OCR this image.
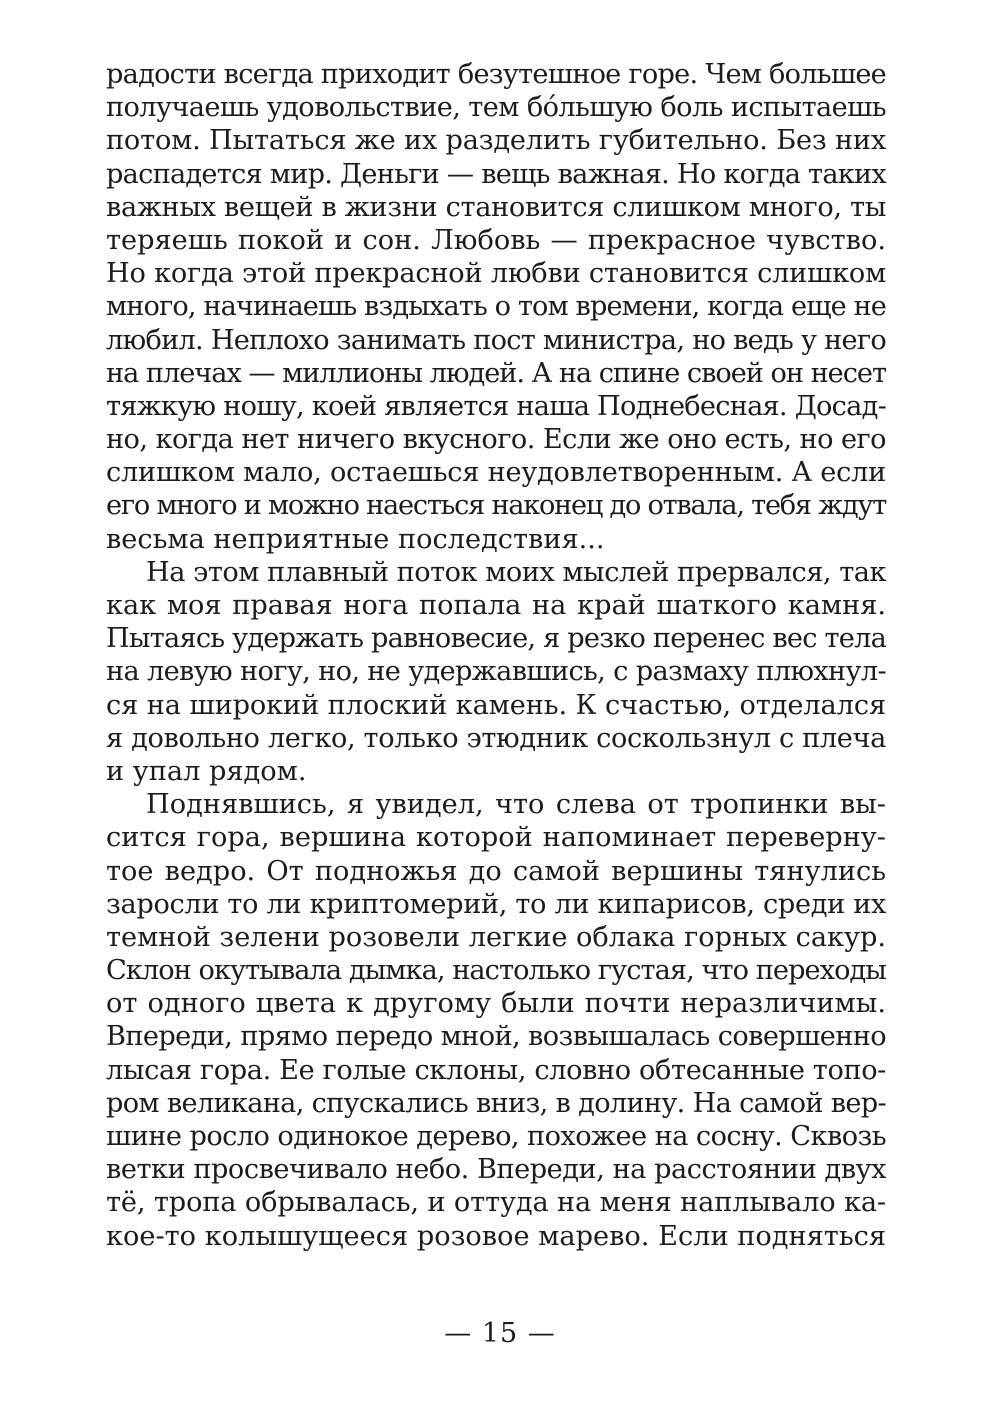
радости всегда приходит безутешное горе. Чем большее
получаешь удовольствие, тем бóльшую боль испытаешь
потом. Пытаться же их разделить губительно. Без них
распадется мир. Деньги — вещь важная. Но когда таких
важных вещей в жизни становится слишком много, ты
теряешь покой и сон. Любовь — прекрасное чувство.
Но когда этой прекрасной любви становится слишком
много, начинаешь вздыхать о том времени, когда еще не
любил. Неплохо занимать пост министра, но ведь у него
на плечах — миллионы людей. А на спине своей он несет
тяжкую ношу, коей является наша Поднебесная. Досад-
но, когда нет ничего вкусного. Если же оно есть, но его
слишком мало, остаешься неудовлетворенным. А если
его много и можно наесться наконец до отвала, тебя ждут
весьма неприятные последствия...
На этом плавный поток моих мыслей прервался, так
как моя правая нога попала на край шаткого камня.
Пытаясь удержать равновесие, я резко перенес вес тела
на левую ногу, но, не удержавшись, с размаху плюхнул-
ся на широкий плоский камень. К счастью, отделался
я довольно легко, только этюдник соскользнул с плеча
и упал рядом.
Поднявшись, я увидел, что слева от тропинки вы-
сится гора, вершина которой напоминает переверну-
тое ведро. От подножья до самой вершины тянулись
заросли то ли криптомерий, то ли кипарисов, среди их
темной зелени розовели легкие облака горных сакур.
Склон окутывала дымка, настолько густая, что переходы
от одного цвета к другому были почти неразличимы.
Впереди, прямо передо мной, возвышалась совершенно
лысая гора. Ее голые склоны, словно обтесанные топо-
ром великана, спускались вниз, в долину. На самой вер-
шине росло одинокое дерево, похожее на сосну. Сквозь
ветки просвечивало небо. Впереди, на расстоянии двух
тё, тропа обрывалась, и оттуда на меня наплывало ка-
кое-то колышущееся розовое марево. Если подняться
— 15 —
